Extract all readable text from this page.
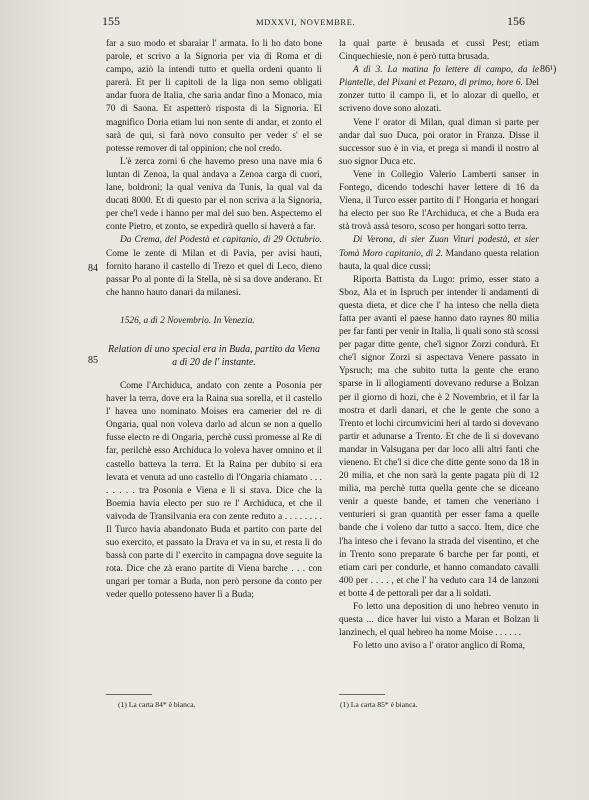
155	MDXXVI, NOVEMBRE.	156
84
85
86¹)

far a suo modo et sbaraiar l' armata. Io li ho dato bone parole, et scrivo a la Signoria per via di Roma et di campo, aziò la intendi tutto et quella ordeni quanto li parerà. Et per li capitoli de la liga non semo obligati andar fuora de Italia, che saria andar fino a Monaco, mia 70 di Saona. Et aspetterò risposta di la Signoria. El magnifico Doria etiam lui non sente di andar, et zonto el sarà de qui, si farà novo consulto per veder s' el se potesse remover di tal oppinion; che nol credo.

L'è zerca zorni 6 che havemo preso una nave mia 6 luntan di Zenoa, la qual andava a Zenoa carga di cuori, lane, boldroni; la qual veniva da Tunis, la qual val da ducati 8000. Et di questo par el non scriva a la Signoria, per che'l vede i hanno per mal del suo ben. Aspectemo el conte Pietro, et zonto, se expedirà quello si haverà a far.

Da Crema, del Podestà et capitanio, di 29 Octubrio. Come le zente di Milan et di Pavia, per avisi hauti, fornito harano il castello di Trezo et quel di Leco, dieno passar Po al ponte di la Stella, nè si sa dove anderano. Et che hanno hauto danari da milanesi.

1526, a dì 2 Novembrio. In Venezia.

Relation di uno special era in Buda, partito da Viena a dì 20 de l' instante.

Come l'Archiduca, andato con zente a Posonia per haver la terra, dove era la Raina sua sorella, et il castello l' havea uno nominato Moises era camerier del re di Ongaria, qual non voleva darlo ad alcun se non a quello fusse electo re di Ongaria, perchè cussì promesse al Re di far, perilchè esso Archiduca lo voleva haver omnino et il castello batteva la terra. Et la Raina per dubito si era levata et venuta ad uno castello di l'Ongaria chiamato . . . . . . . . tra Posonia e Viena e lì si stava. Dice che la Boemia havia electo per suo re l' Archiduca, et che il vaivoda de Transilvania era con zente reduto a . . . . . . . . Il Turco havia abandonato Buda et partito con parte del suo exercito, et passato la Drava et va in su, et resta lì do bassà con parte di l' exercito in campagna dove seguite la rota. Dice che zà erano partite di Viena barche . . . con ungari per tornar a Buda, non però persone da conto per veder quello potesseno haver lì a Buda;

la qual parte è brusada et cussì Pest; etiam Cinquechiesie, non è però tutta brusada.

A dì 3. La matina fo lettere di campo, da le Piantelle, del Pixani et Pezaro, di primo, hore 6. Del zonzer tutto il campo lì, et lo alozar di quello, et scriveno dove sono alozati.

Vene l' orator di Milan, qual diman si parte per andar dal suo Duca, poi orator in Franza. Disse il successor suo è in via, et prega si mandi il nostro al suo signor Duca etc.

Vene in Collegio Valerio Lamberti sanser in Fontego, dicendo todeschi haver lettere di 16 da Viena, il Turco esser partito di l' Hongaria et hongari ha electo per suo Re l'Archiduca, et che a Buda era stà trovà assà tesoro, scoso per hongari sotto terra.

Di Verona, di sier Zuan Vituri podestà, et sier Tomà Moro capitanio, di 2. Mandano questa relation hauta, la qual dice cussì;

Riporta Battista da Lugo: primo, esser stato a Sboz, Ala et in Ispruch per intender li andamenti di questa dieta, et dice che l' ha inteso che nella dieta fatta per avanti el paese hanno dato raynes 80 milia per far fanti per venir in Italia, li quali sono stà scossi per pagar ditte gente, che'l signor Zorzi condurà. Et che'l signor Zorzi si aspectava Venere passato in Ypsruch; ma che subito tutta la gente che erano sparse in li allogiamenti dovevano redurse a Bolzan per il giorno di hozi, che è 2 Novembrio, et il far la mostra et darli danari, et che le gente che sono a Trento et lochi circumvicini heri al tardo si dovevano partir et adunarse a Trento. Et che de lì si dovevano mandar in Valsugana per dar loco alli altri fanti che vieneno. Et che'l si dice che ditte gente sono da 18 in 20 milia, et che non sarà la gente pagata più di 12 milia, ma perchè tutta quella gente che se diceano venir a queste bande, et tamen che veneriano i venturieri si gran quantità per esser fama a quelle bande che i voleno dar tutto a sacco. Item, dice che l'ha inteso che i fevano la strada del visentino, et che in Trento sono preparate 6 barche per far ponti, et etiam cari per condurle, et hanno comandato cavalli 400 per . . . . , et che l' ha veduto cara 14 de lanzoni et botte 4 de pettorali per dar a li soldati.

Fo letto una deposition di uno hebreo venuto in questa ... dice haver lui visto a Maran et Bolzan li lanzinech, el qual hebreo ha nome Moise . . . . . .

Fo letto uno aviso a l' orator anglico di Roma,

(1) La carta 84* è bianca.	(1) La carta 85* è bianca.
